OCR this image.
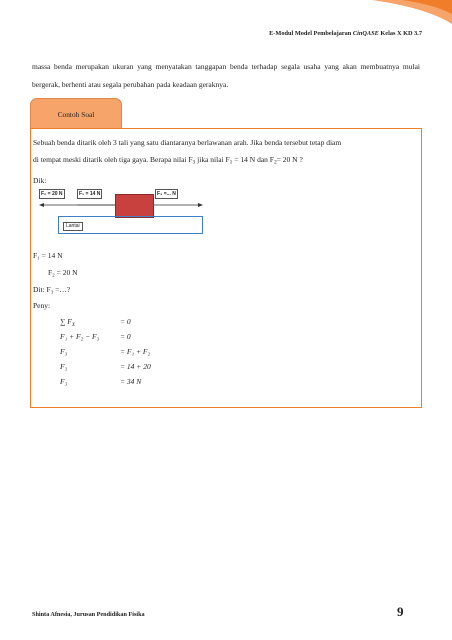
E-Modul Model Pembelajaran CinQASE Kelas X KD 3.7
massa benda merupakan ukuran yang menyatakan tanggapan benda terhadap segala usaha yang akan membuatnya mulai bergerak, berhenti atau segala perubahan pada keadaan geraknya.
Contoh Soal
Sebuah benda ditarik oleh 3 tali yang satu diantaranya berlawanan arah. Jika benda tersebut tetap diam
di tempat meski ditarik oleh tiga gaya. Berapa nilai $F_3$ jika nilai $F_1 = 14$ N dan $F_2= 20$ N ?
Dik:
F₂ = 20 N	F₁ = 14 N	F₃ =... N
Lantai
F₁ = 14 N
F₂ = 20 N
Dit: F₃ =…?
Peny:
∑ $F_X$	= 0
F₁ + F₂ − F₃	= 0
F₃	= F₁ + F₂
F₃	= 14 + 20
F₃	= 34 N
Shinta Afnesia, Jurusan Pendidikan Fisika	9
